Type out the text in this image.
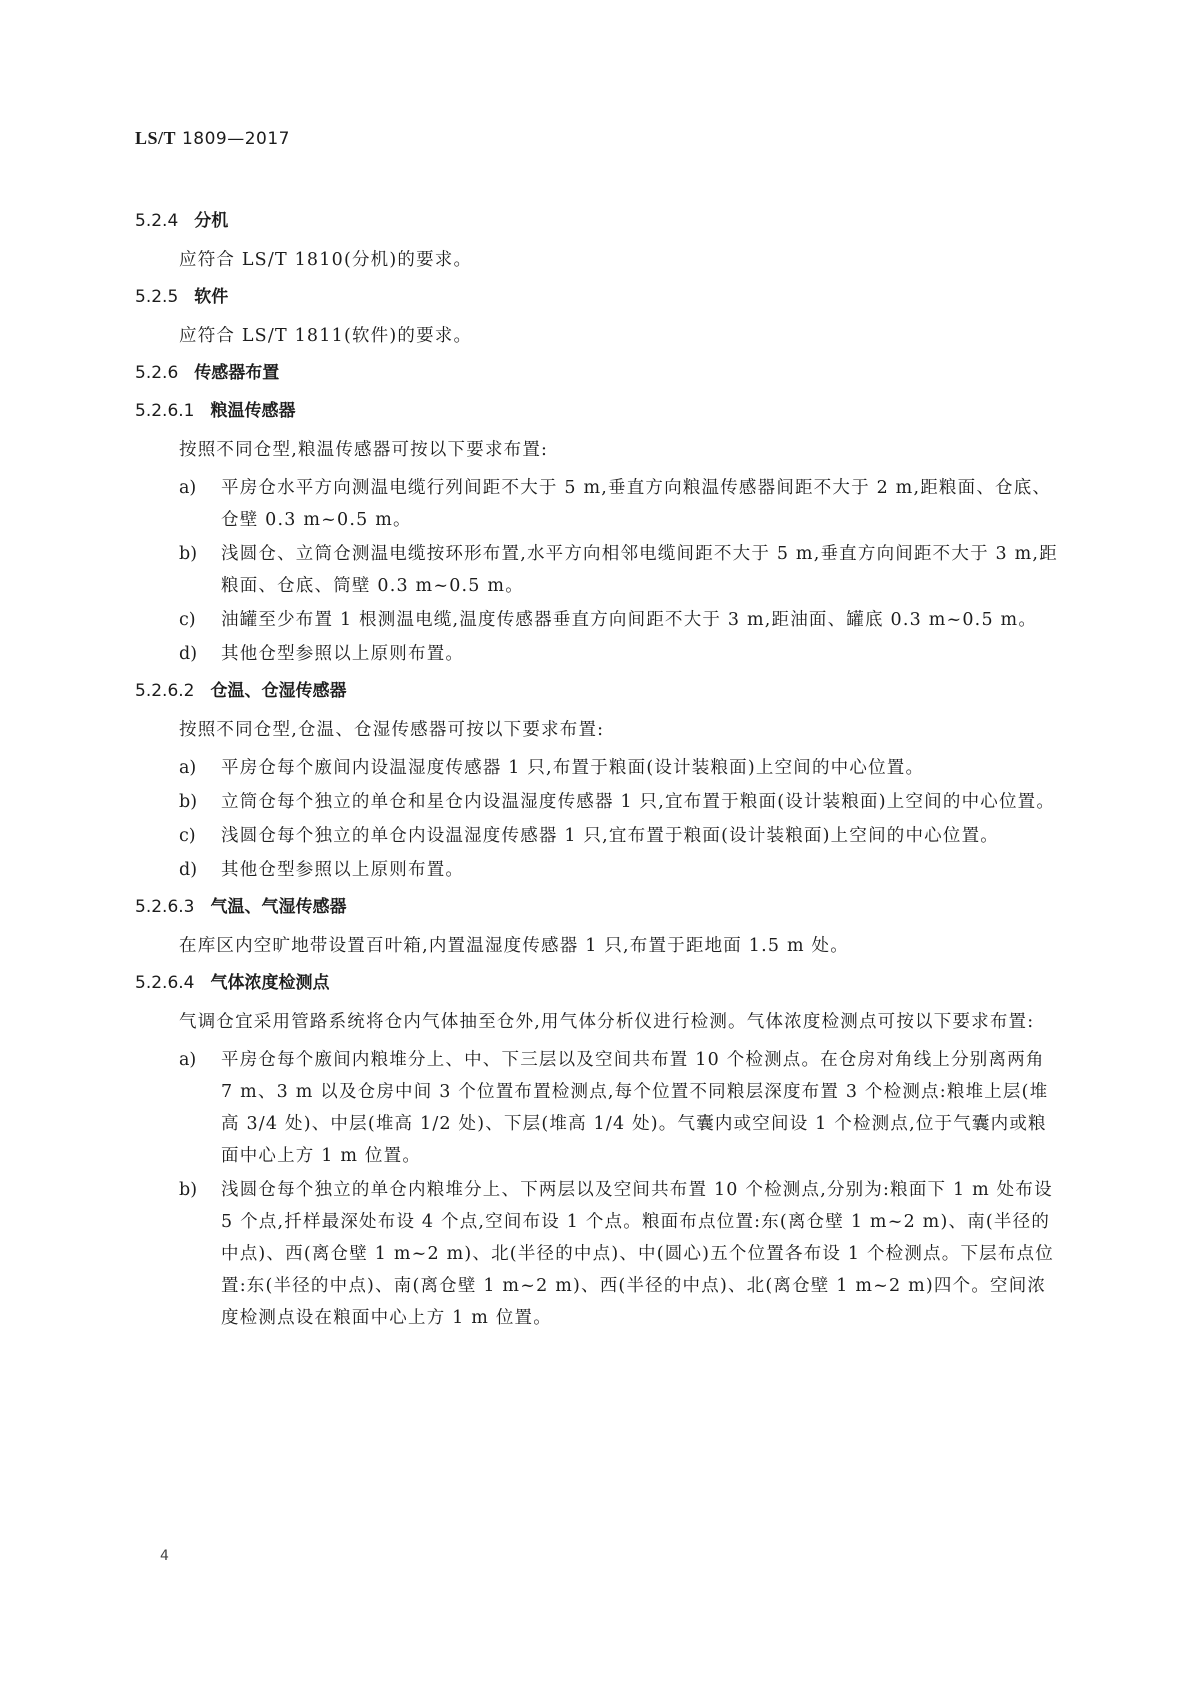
LS/T 1809—2017
5.2.4 分机
应符合 LS/T 1810(分机)的要求。
5.2.5 软件
应符合 LS/T 1811(软件)的要求。
5.2.6 传感器布置
5.2.6.1 粮温传感器
按照不同仓型,粮温传感器可按以下要求布置:
a)	平房仓水平方向测温电缆行列间距不大于 5 m,垂直方向粮温传感器间距不大于 2 m,距粮面、仓底、仓壁 0.3 m~0.5 m。
b)	浅圆仓、立筒仓测温电缆按环形布置,水平方向相邻电缆间距不大于 5 m,垂直方向间距不大于 3 m,距粮面、仓底、筒壁 0.3 m~0.5 m。
c)	油罐至少布置 1 根测温电缆,温度传感器垂直方向间距不大于 3 m,距油面、罐底 0.3 m~0.5 m。
d)	其他仓型参照以上原则布置。
5.2.6.2 仓温、仓湿传感器
按照不同仓型,仓温、仓湿传感器可按以下要求布置:
a)	平房仓每个廒间内设温湿度传感器 1 只,布置于粮面(设计装粮面)上空间的中心位置。
b)	立筒仓每个独立的单仓和星仓内设温湿度传感器 1 只,宜布置于粮面(设计装粮面)上空间的中心位置。
c)	浅圆仓每个独立的单仓内设温湿度传感器 1 只,宜布置于粮面(设计装粮面)上空间的中心位置。
d)	其他仓型参照以上原则布置。
5.2.6.3 气温、气湿传感器
在库区内空旷地带设置百叶箱,内置温湿度传感器 1 只,布置于距地面 1.5 m 处。
5.2.6.4 气体浓度检测点
气调仓宜采用管路系统将仓内气体抽至仓外,用气体分析仪进行检测。气体浓度检测点可按以下要求布置:
a)	平房仓每个廒间内粮堆分上、中、下三层以及空间共布置 10 个检测点。在仓房对角线上分别离两角 7 m、3 m 以及仓房中间 3 个位置布置检测点,每个位置不同粮层深度布置 3 个检测点:粮堆上层(堆高 3/4 处)、中层(堆高 1/2 处)、下层(堆高 1/4 处)。气囊内或空间设 1 个检测点,位于气囊内或粮面中心上方 1 m 位置。
b)	浅圆仓每个独立的单仓内粮堆分上、下两层以及空间共布置 10 个检测点,分别为:粮面下 1 m 处布设 5 个点,扦样最深处布设 4 个点,空间布设 1 个点。粮面布点位置:东(离仓壁 1 m~2 m)、南(半径的中点)、西(离仓壁 1 m~2 m)、北(半径的中点)、中(圆心)五个位置各布设 1 个检测点。下层布点位置:东(半径的中点)、南(离仓壁 1 m~2 m)、西(半径的中点)、北(离仓壁 1 m~2 m)四个。空间浓度检测点设在粮面中心上方 1 m 位置。
4
